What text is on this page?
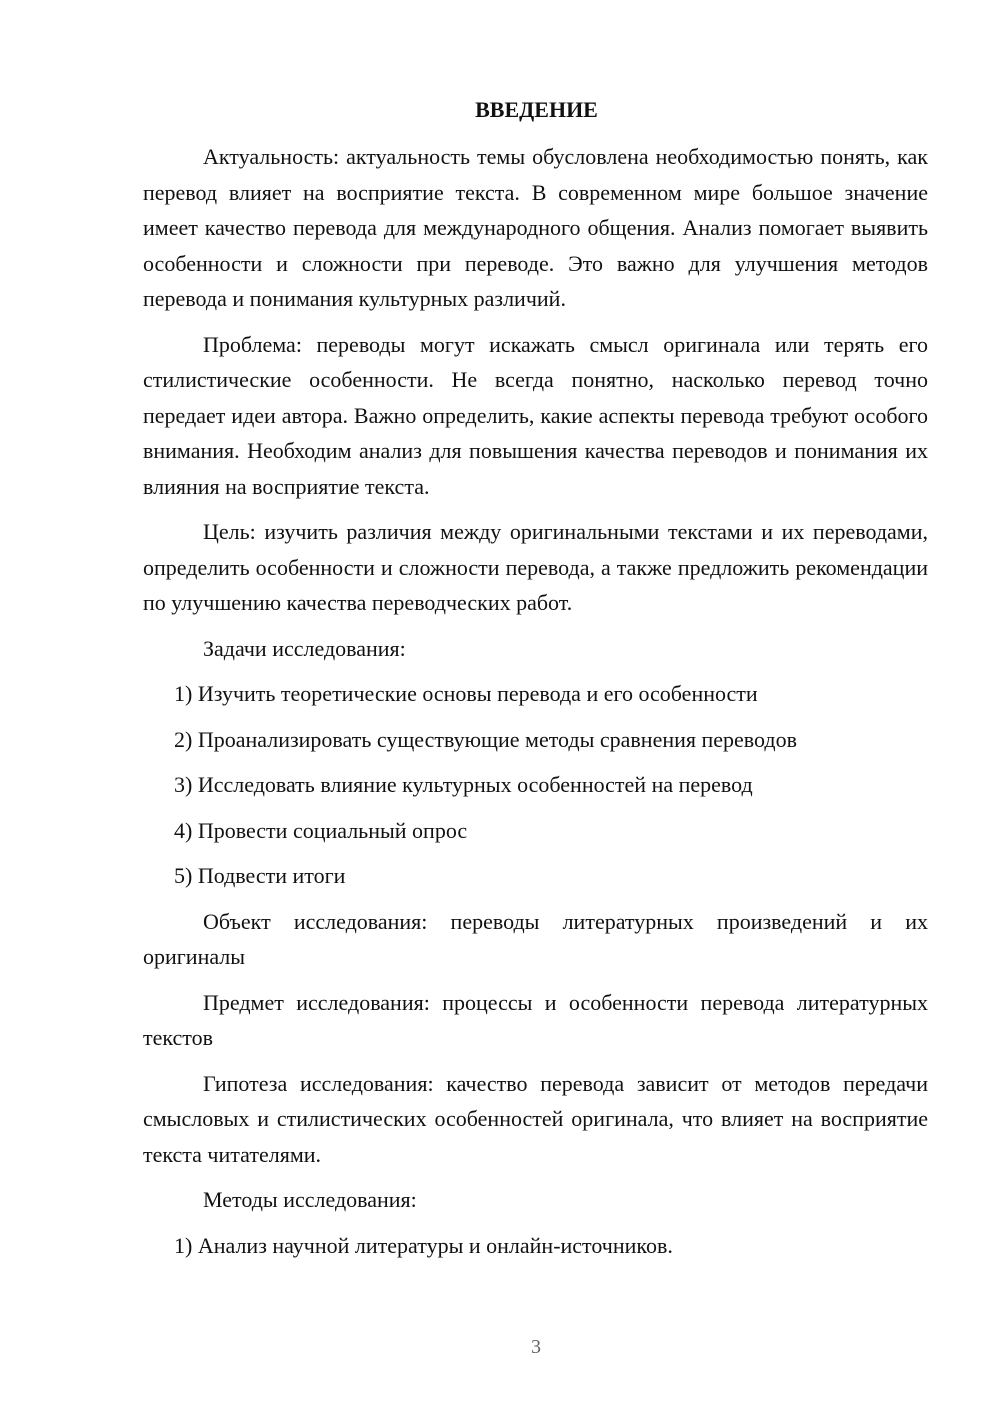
ВВЕДЕНИЕ

Актуальность: актуальность темы обусловлена необходимостью понять, как перевод влияет на восприятие текста. В современном мире большое значение имеет качество перевода для международного общения. Анализ помогает выявить особенности и сложности при переводе. Это важно для улучшения методов перевода и понимания культурных различий.

Проблема: переводы могут искажать смысл оригинала или терять его стилистические особенности. Не всегда понятно, насколько перевод точно передает идеи автора. Важно определить, какие аспекты перевода требуют особого внимания. Необходим анализ для повышения качества переводов и понимания их влияния на восприятие текста.

Цель: изучить различия между оригинальными текстами и их переводами, определить особенности и сложности перевода, а также предложить рекомендации по улучшению качества переводческих работ.

Задачи исследования:

1) Изучить теоретические основы перевода и его особенности
2) Проанализировать существующие методы сравнения переводов
3) Исследовать влияние культурных особенностей на перевод
4) Провести социальный опрос
5) Подвести итоги

Объект исследования: переводы литературных произведений и их оригиналы

Предмет исследования: процессы и особенности перевода литературных текстов

Гипотеза исследования: качество перевода зависит от методов передачи смысловых и стилистических особенностей оригинала, что влияет на восприятие текста читателями.

Методы исследования:

1) Анализ научной литературы и онлайн-источников.
3
